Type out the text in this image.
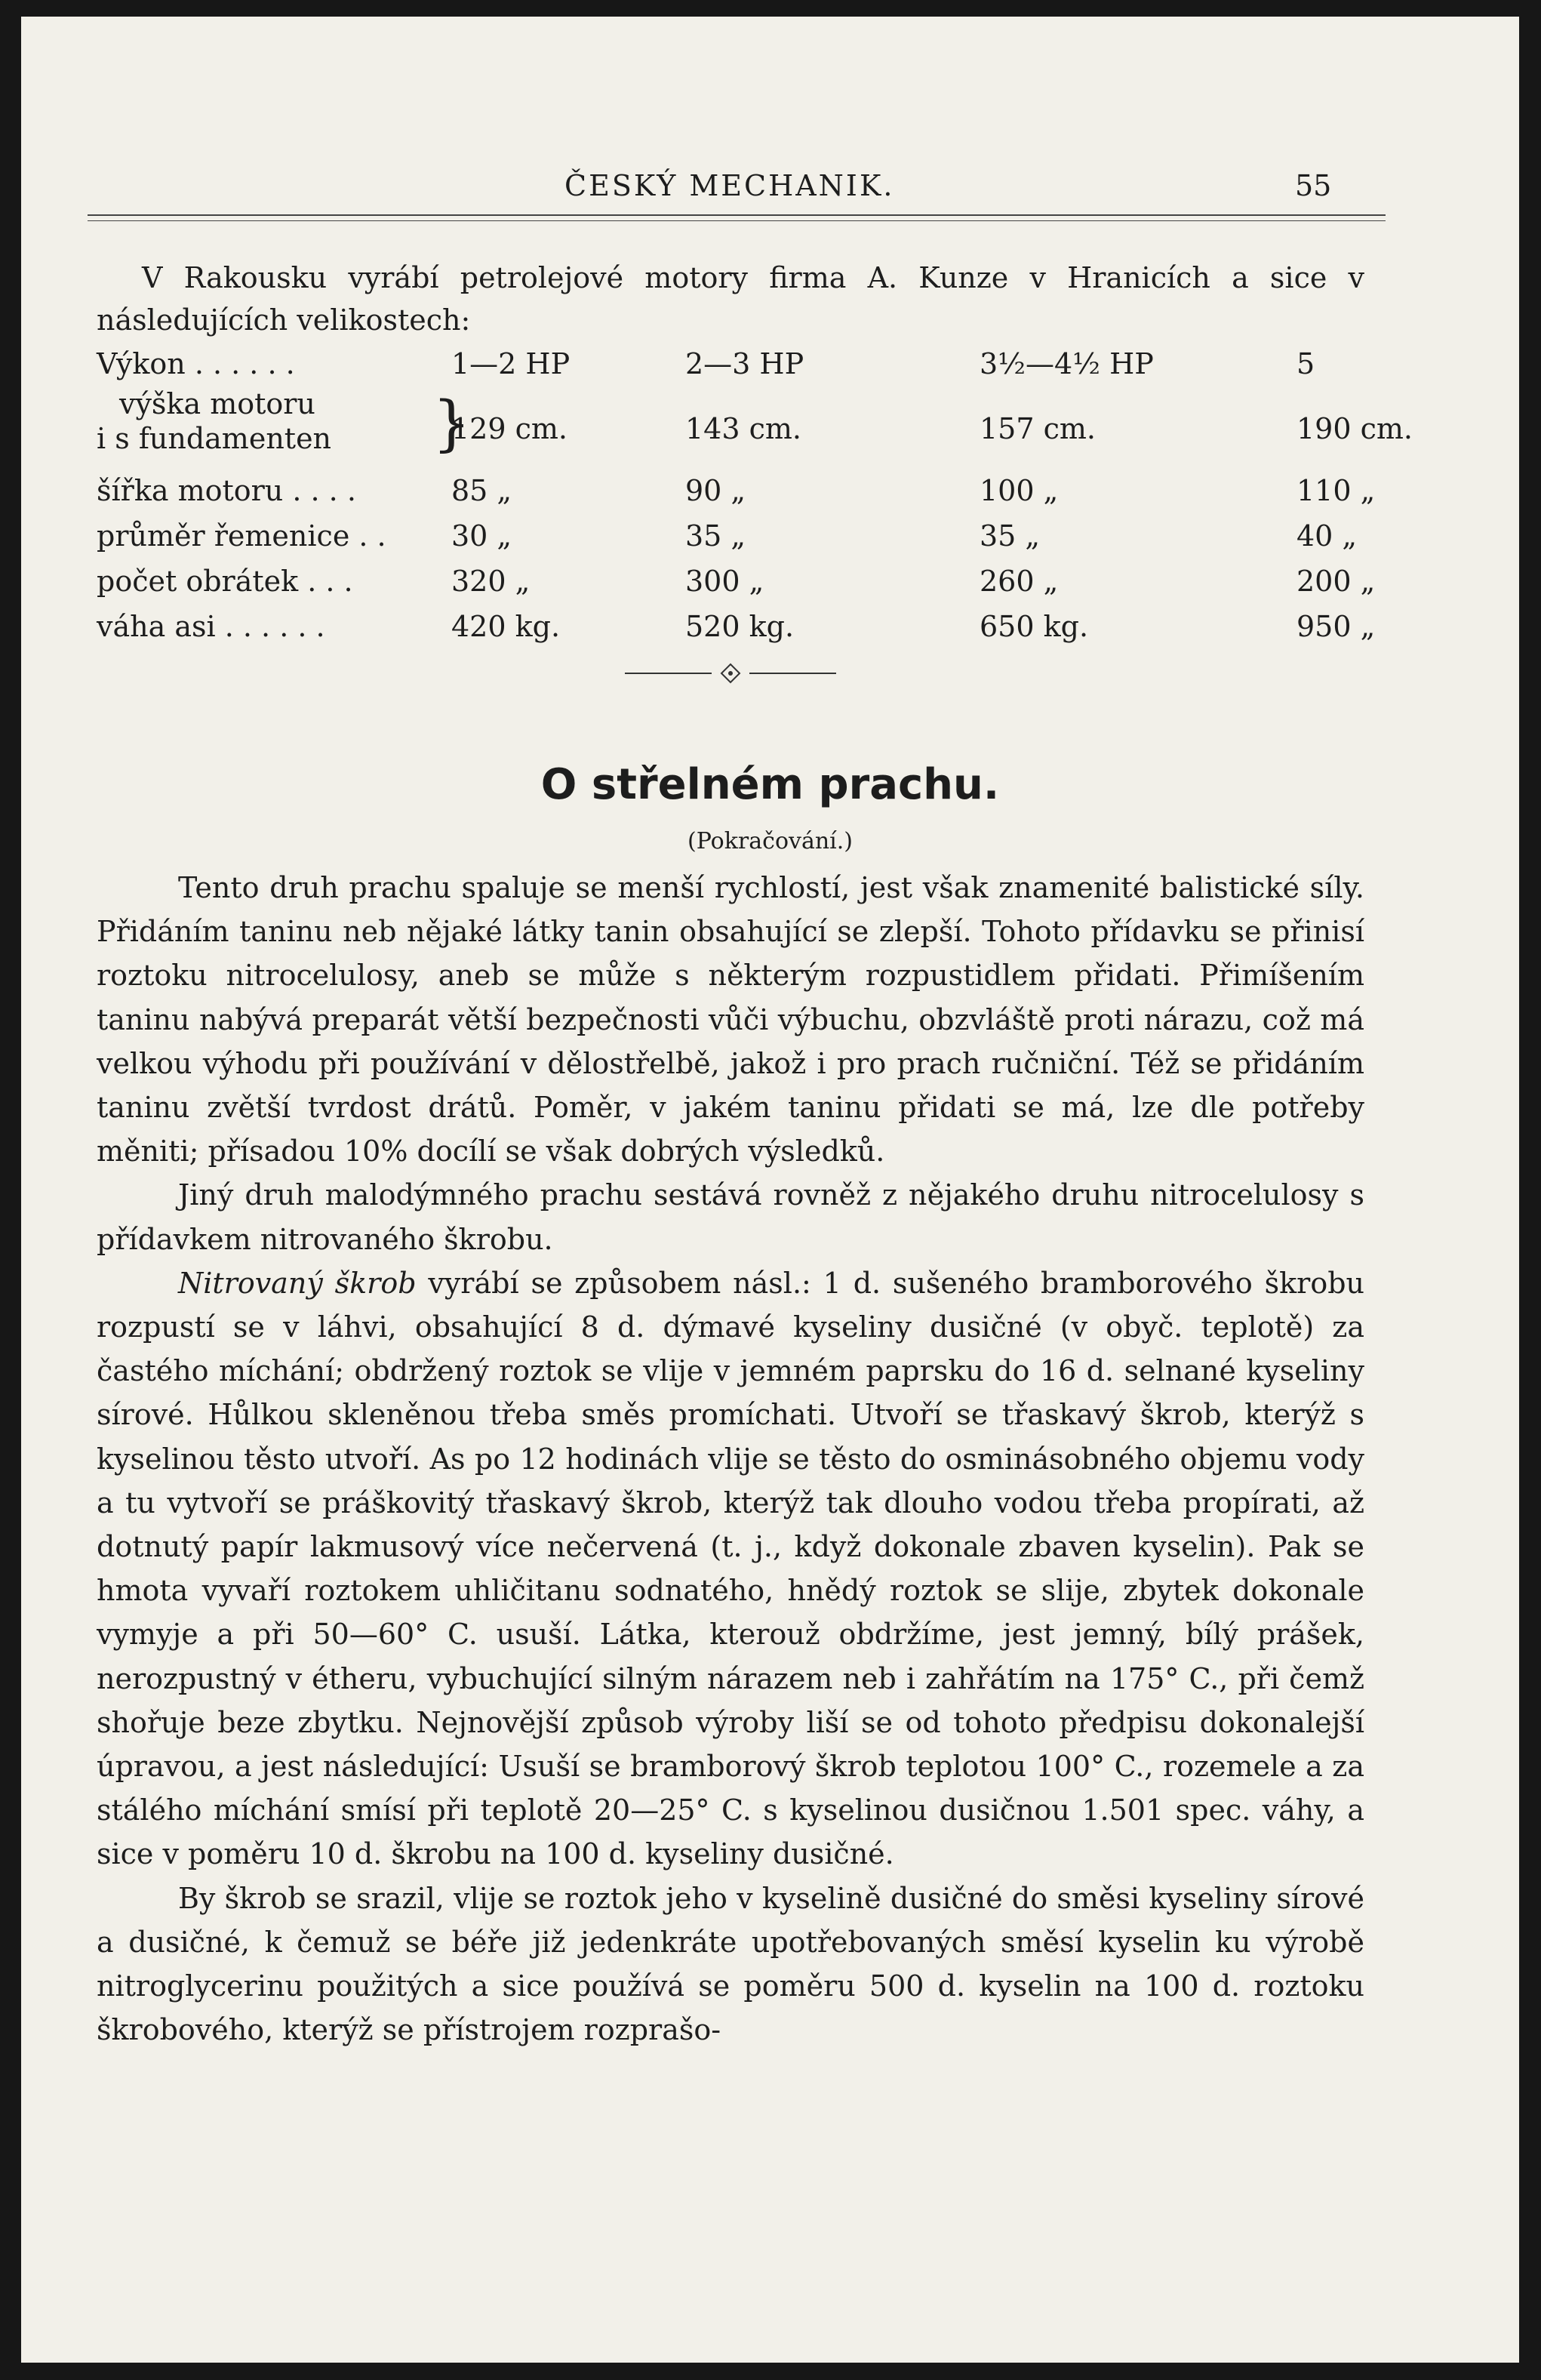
ČESKÝ MECHANIK.	55

V Rakousku vyrábí petrolejové motory firma A. Kunze v Hranicích a sice v následujících velikostech:

Výkon . . . . . .	1—2 HP	2—3 HP	3½—4½ HP	5
výška motoru
i s fundamenten	129 cm.	143 cm.	157 cm.	190 cm.
}
šířka motoru . . . .	85 „	90 „	100 „	110 „
průměr řemenice . . 30 „	35 „	35 „	40 „
počet obrátek . . .	320 „	300 „	260 „	200 „
váha asi . . . . . .	420 kg.	520 kg.	650 kg.	950 „
O střelném prachu.
(Pokračování.)

Tento druh prachu spaluje se menší rychlostí, jest však znamenité balistické síly. Přidáním taninu neb nějaké látky tanin obsahující se zlepší. Tohoto přídavku se přinisí roztoku nitrocelulosy, aneb se může s některým rozpustidlem přidati. Přimíšením taninu nabývá preparát větší bezpečnosti vůči výbuchu, obzvláště proti nárazu, což má velkou výhodu při používání v dělostřelbě, jakož i pro prach ručniční. Též se přidáním taninu zvětší tvrdost drátů. Poměr, v jakém taninu přidati se má, lze dle potřeby měniti; přísadou 10% docílí se však dobrých výsledků.

Jiný druh malodýmného prachu sestává rovněž z nějakého druhu nitrocelulosy s přídavkem nitrovaného škrobu.

Nitrovaný škrob vyrábí se způsobem násl.: 1 d. sušeného bramborového škrobu rozpustí se v láhvi, obsahující 8 d. dýmavé kyseliny dusičné (v obyč. teplotě) za častého míchání; obdržený roztok se vlije v jemném paprsku do 16 d. selnané kyseliny sírové. Hůlkou skleněnou třeba směs promíchati. Utvoří se třaskavý škrob, kterýž s kyselinou těsto utvoří. As po 12 hodinách vlije se těsto do osminásobného objemu vody a tu vytvoří se práškovitý třaskavý škrob, kterýž tak dlouho vodou třeba propírati, až dotnutý papír lakmusový více nečervená (t. j., když dokonale zbaven kyselin). Pak se hmota vyvaří roztokem uhličitanu sodnatého, hnědý roztok se slije, zbytek dokonale vymyje a při 50—60° C. usuší. Látka, kterouž obdržíme, jest jemný, bílý prášek, nerozpustný v étheru, vybuchující silným nárazem neb i zahřátím na 175° C., při čemž shořuje beze zbytku. Nejnovější způsob výroby liší se od tohoto předpisu dokonalejší úpravou, a jest následující: Usuší se bramborový škrob teplotou 100° C., rozemele a za stálého míchání smísí při teplotě 20—25° C. s kyselinou dusičnou 1.501 spec. váhy, a sice v poměru 10 d. škrobu na 100 d. kyseliny dusičné.

By škrob se srazil, vlije se roztok jeho v kyselině dusičné do směsi kyseliny sírové a dusičné, k čemuž se béře již jedenkráte upotřebovaných směsí kyselin ku výrobě nitroglycerinu použitých a sice používá se poměru 500 d. kyselin na 100 d. roztoku škrobového, kterýž se přístrojem rozprašo-
